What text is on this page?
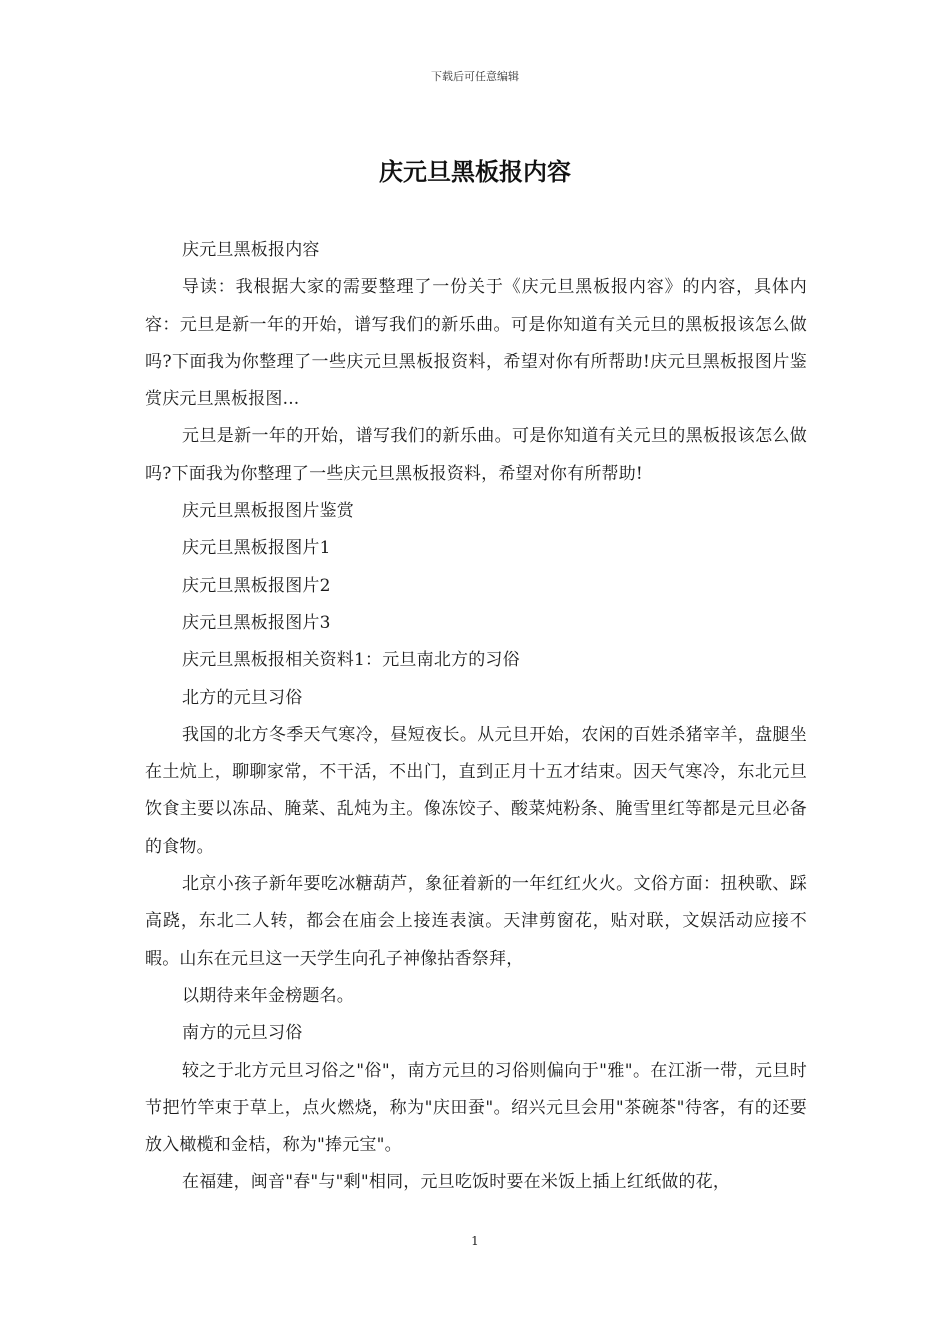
下载后可任意编辑
庆元旦黑板报内容

庆元旦黑板报内容

导读：我根据大家的需要整理了一份关于《庆元旦黑板报内容》的内容，具体内容：元旦是新一年的开始，谱写我们的新乐曲。可是你知道有关元旦的黑板报该怎么做吗?下面我为你整理了一些庆元旦黑板报资料，希望对你有所帮助!庆元旦黑板报图片鉴赏庆元旦黑板报图...

元旦是新一年的开始，谱写我们的新乐曲。可是你知道有关元旦的黑板报该怎么做吗?下面我为你整理了一些庆元旦黑板报资料，希望对你有所帮助!

庆元旦黑板报图片鉴赏

庆元旦黑板报图片1

庆元旦黑板报图片2

庆元旦黑板报图片3

庆元旦黑板报相关资料1：元旦南北方的习俗

北方的元旦习俗

我国的北方冬季天气寒冷，昼短夜长。从元旦开始，农闲的百姓杀猪宰羊，盘腿坐在土炕上，聊聊家常，不干活，不出门，直到正月十五才结束。因天气寒冷，东北元旦饮食主要以冻品、腌菜、乱炖为主。像冻饺子、酸菜炖粉条、腌雪里红等都是元旦必备的食物。

北京小孩子新年要吃冰糖葫芦，象征着新的一年红红火火。文俗方面：扭秧歌、踩高跷，东北二人转，都会在庙会上接连表演。天津剪窗花，贴对联，文娱活动应接不暇。山东在元旦这一天学生向孔子神像拈香祭拜，

以期待来年金榜题名。

南方的元旦习俗

较之于北方元旦习俗之"俗"，南方元旦的习俗则偏向于"雅"。在江浙一带，元旦时节把竹竿束于草上，点火燃烧，称为"庆田蚕"。绍兴元旦会用"茶碗茶"待客，有的还要放入橄榄和金桔，称为"捧元宝"。

在福建，闽音"春"与"剩"相同，元旦吃饭时要在米饭上插上红纸做的花，

1
